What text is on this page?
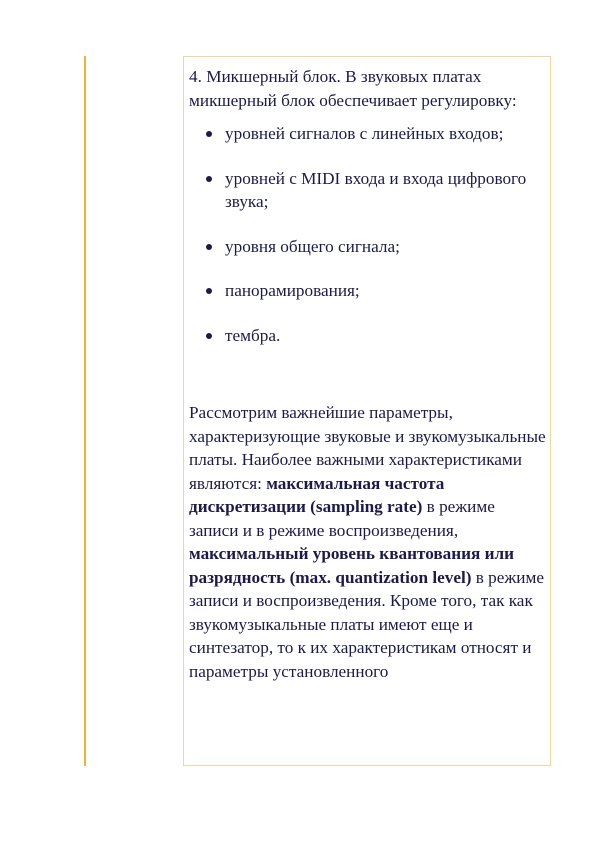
4. Микшерный блок. В звуковых платах микшерный блок обеспечивает регулировку:

уровней сигналов с линейных входов;
уровней с MIDI входа и входа цифрового звука;
уровня общего сигнала;
панорамирования;
тембра.

Рассмотрим важнейшие параметры, характеризующие звуковые и звукомузыкальные платы. Наиболее важными характеристиками являются: максимальная частота дискретизации (sampling rate) в режиме записи и в режиме воспроизведения, максимальный уровень квантования или разрядность (max. quantization level) в режиме записи и воспроизведения. Кроме того, так как звукомузыкальные платы имеют еще и синтезатор, то к их характеристикам относят и параметры установленного
